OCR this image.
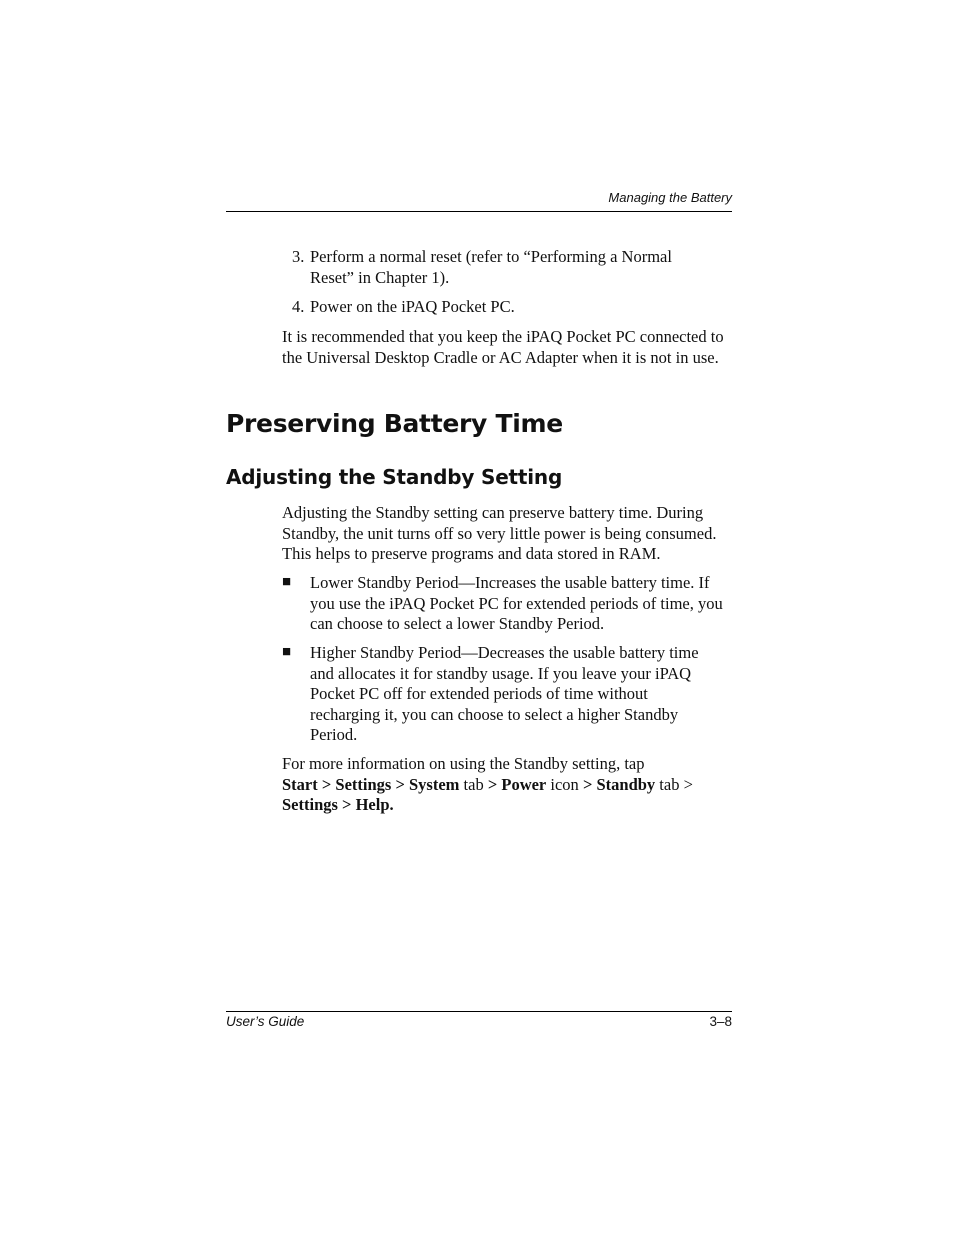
Managing the Battery
3. Perform a normal reset (refer to “Performing a Normal Reset” in Chapter 1).
4. Power on the iPAQ Pocket PC.
It is recommended that you keep the iPAQ Pocket PC connected to the Universal Desktop Cradle or AC Adapter when it is not in use.
Preserving Battery Time
Adjusting the Standby Setting
Adjusting the Standby setting can preserve battery time. During Standby, the unit turns off so very little power is being consumed. This helps to preserve programs and data stored in RAM.
■ Lower Standby Period—Increases the usable battery time. If you use the iPAQ Pocket PC for extended periods of time, you can choose to select a lower Standby Period.
■ Higher Standby Period—Decreases the usable battery time and allocates it for standby usage. If you leave your iPAQ Pocket PC off for extended periods of time without recharging it, you can choose to select a higher Standby Period.
For more information on using the Standby setting, tap
Start > Settings > System tab > Power icon > Standby tab >
Settings > Help.
User’s Guide	3–8
